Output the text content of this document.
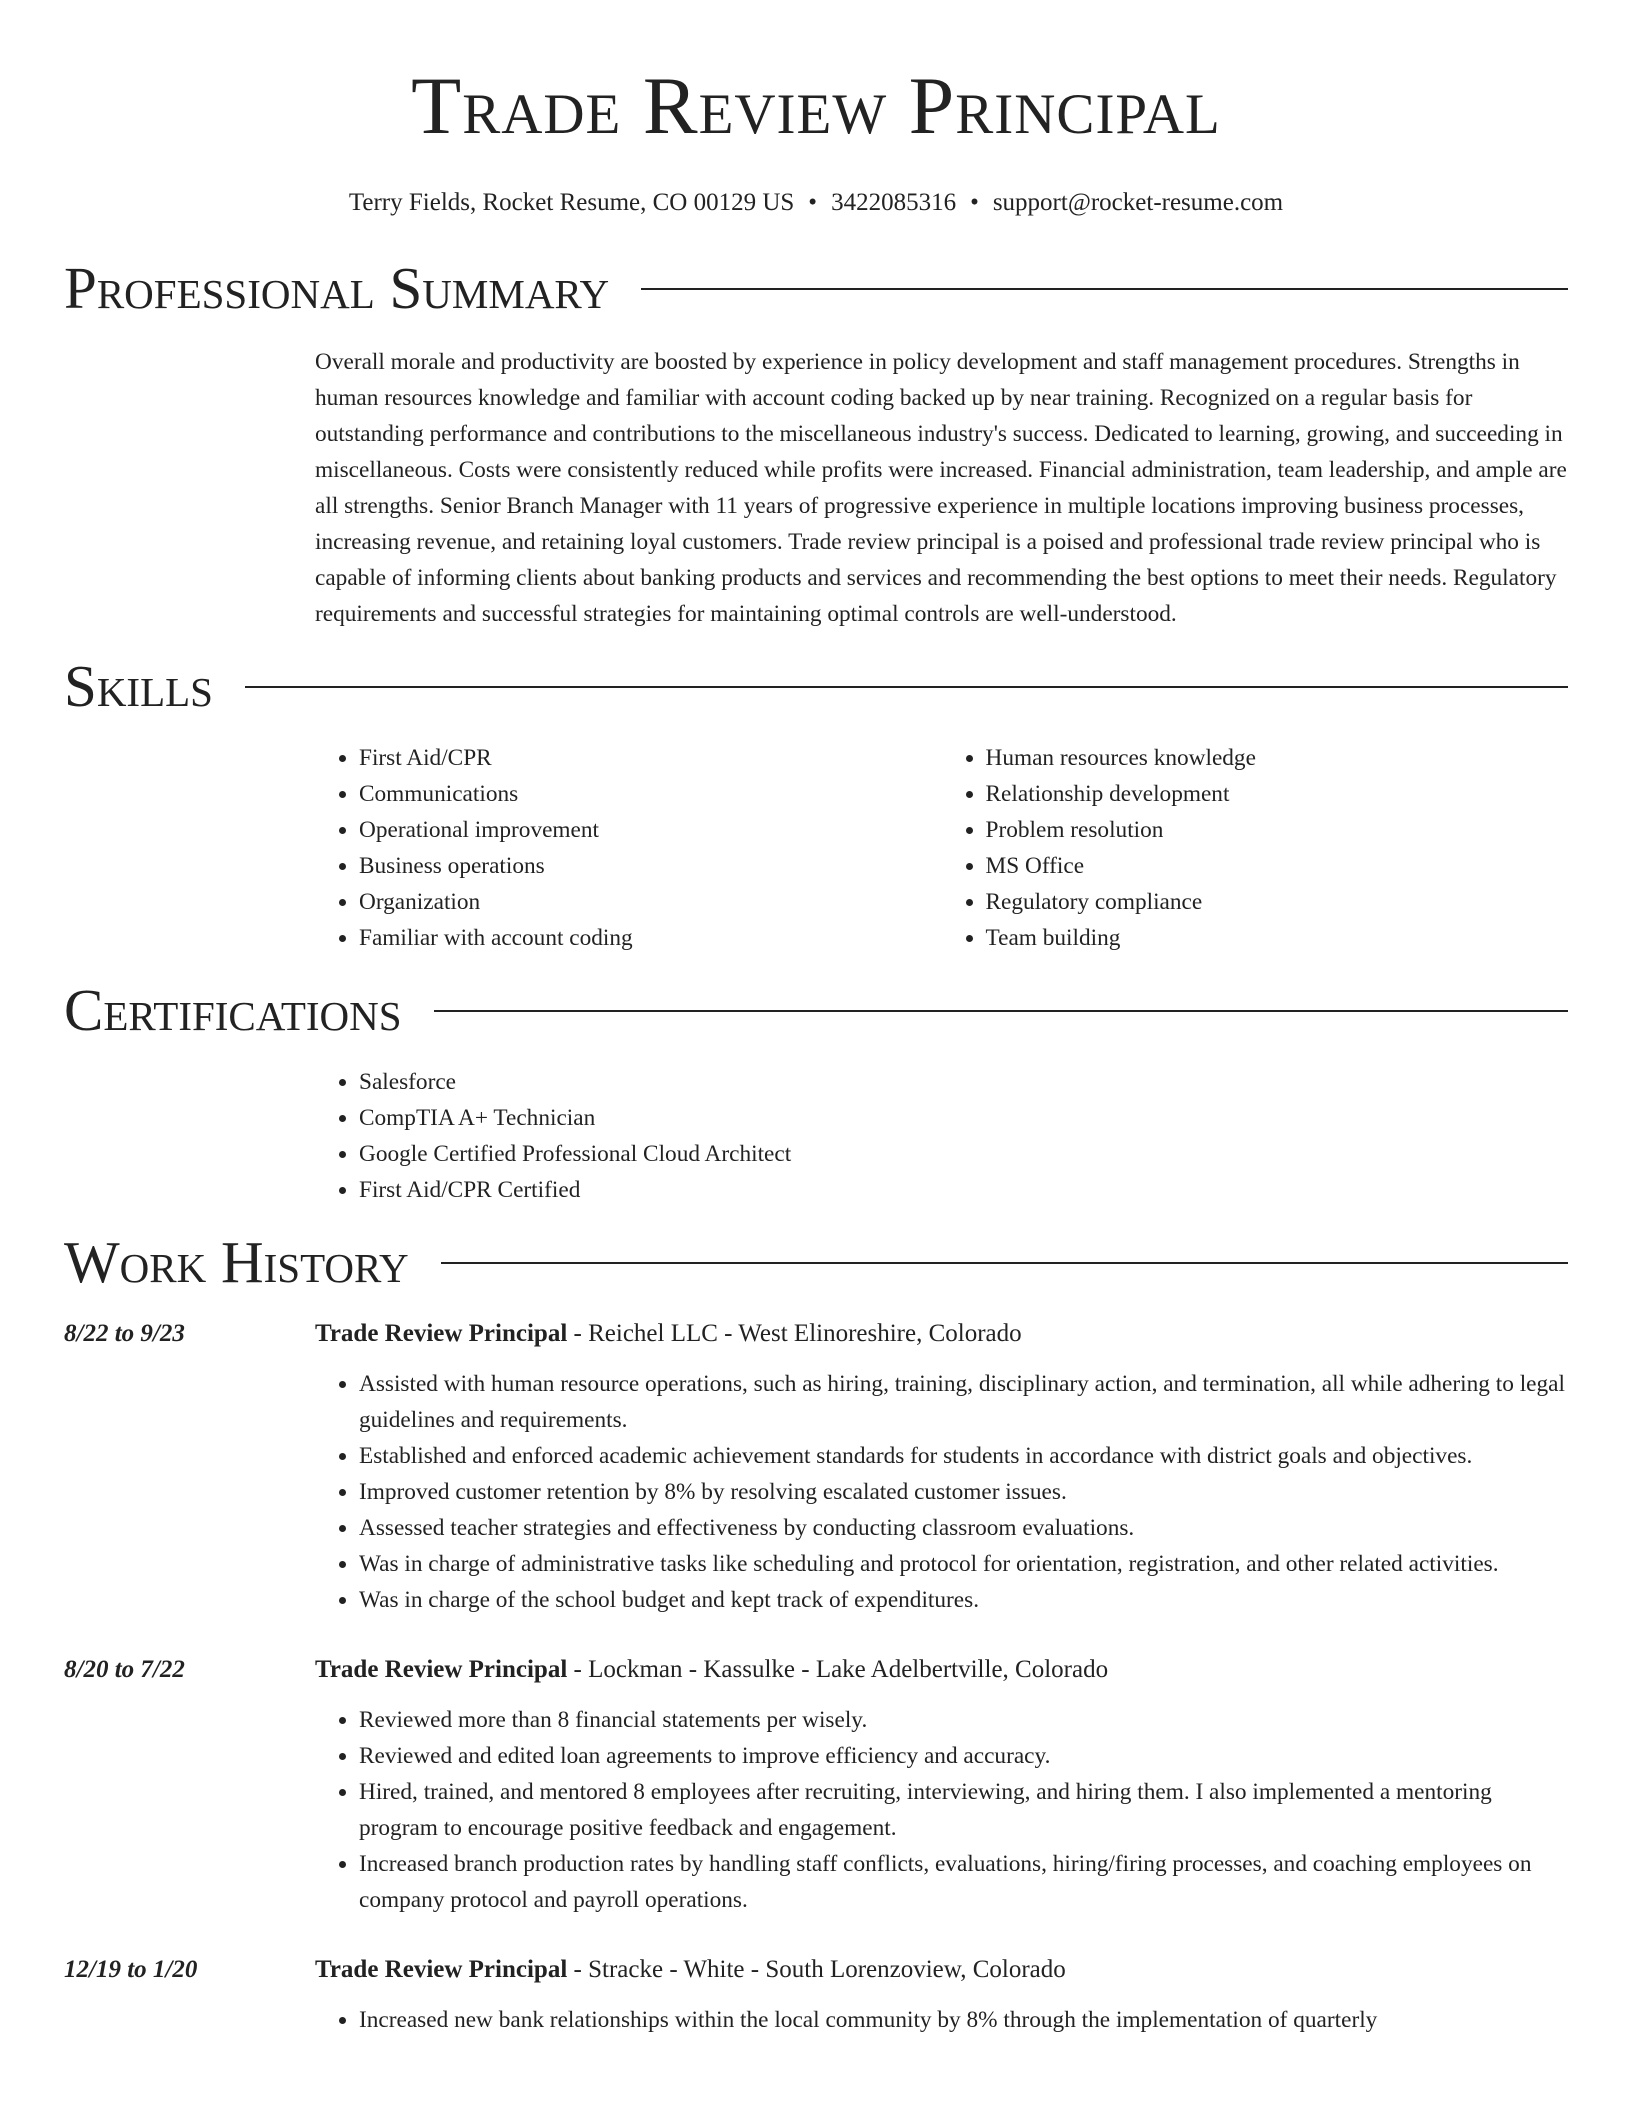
Trade Review Principal
Terry Fields, Rocket Resume, CO 00129 US • 3422085316 • support@rocket-resume.com
Professional Summary
Overall morale and productivity are boosted by experience in policy development and staff management procedures. Strengths in human resources knowledge and familiar with account coding backed up by near training. Recognized on a regular basis for outstanding performance and contributions to the miscellaneous industry's success. Dedicated to learning, growing, and succeeding in miscellaneous. Costs were consistently reduced while profits were increased. Financial administration, team leadership, and ample are all strengths. Senior Branch Manager with 11 years of progressive experience in multiple locations improving business processes, increasing revenue, and retaining loyal customers. Trade review principal is a poised and professional trade review principal who is capable of informing clients about banking products and services and recommending the best options to meet their needs. Regulatory requirements and successful strategies for maintaining optimal controls are well-understood.
Skills
• First Aid/CPR
• Communications
• Operational improvement
• Business operations
• Organization
• Familiar with account coding
• Human resources knowledge
• Relationship development
• Problem resolution
• MS Office
• Regulatory compliance
• Team building
Certifications
• Salesforce
• CompTIA A+ Technician
• Google Certified Professional Cloud Architect
• First Aid/CPR Certified
Work History
8/22 to 9/23	Trade Review Principal - Reichel LLC - West Elinoreshire, Colorado
• Assisted with human resource operations, such as hiring, training, disciplinary action, and termination, all while adhering to legal guidelines and requirements.
• Established and enforced academic achievement standards for students in accordance with district goals and objectives.
• Improved customer retention by 8% by resolving escalated customer issues.
• Assessed teacher strategies and effectiveness by conducting classroom evaluations.
• Was in charge of administrative tasks like scheduling and protocol for orientation, registration, and other related activities.
• Was in charge of the school budget and kept track of expenditures.
8/20 to 7/22	Trade Review Principal - Lockman - Kassulke - Lake Adelbertville, Colorado
• Reviewed more than 8 financial statements per wisely.
• Reviewed and edited loan agreements to improve efficiency and accuracy.
• Hired, trained, and mentored 8 employees after recruiting, interviewing, and hiring them. I also implemented a mentoring program to encourage positive feedback and engagement.
• Increased branch production rates by handling staff conflicts, evaluations, hiring/firing processes, and coaching employees on company protocol and payroll operations.
12/19 to 1/20	Trade Review Principal - Stracke - White - South Lorenzoview, Colorado
• Increased new bank relationships within the local community by 8% through the implementation of quarterly
